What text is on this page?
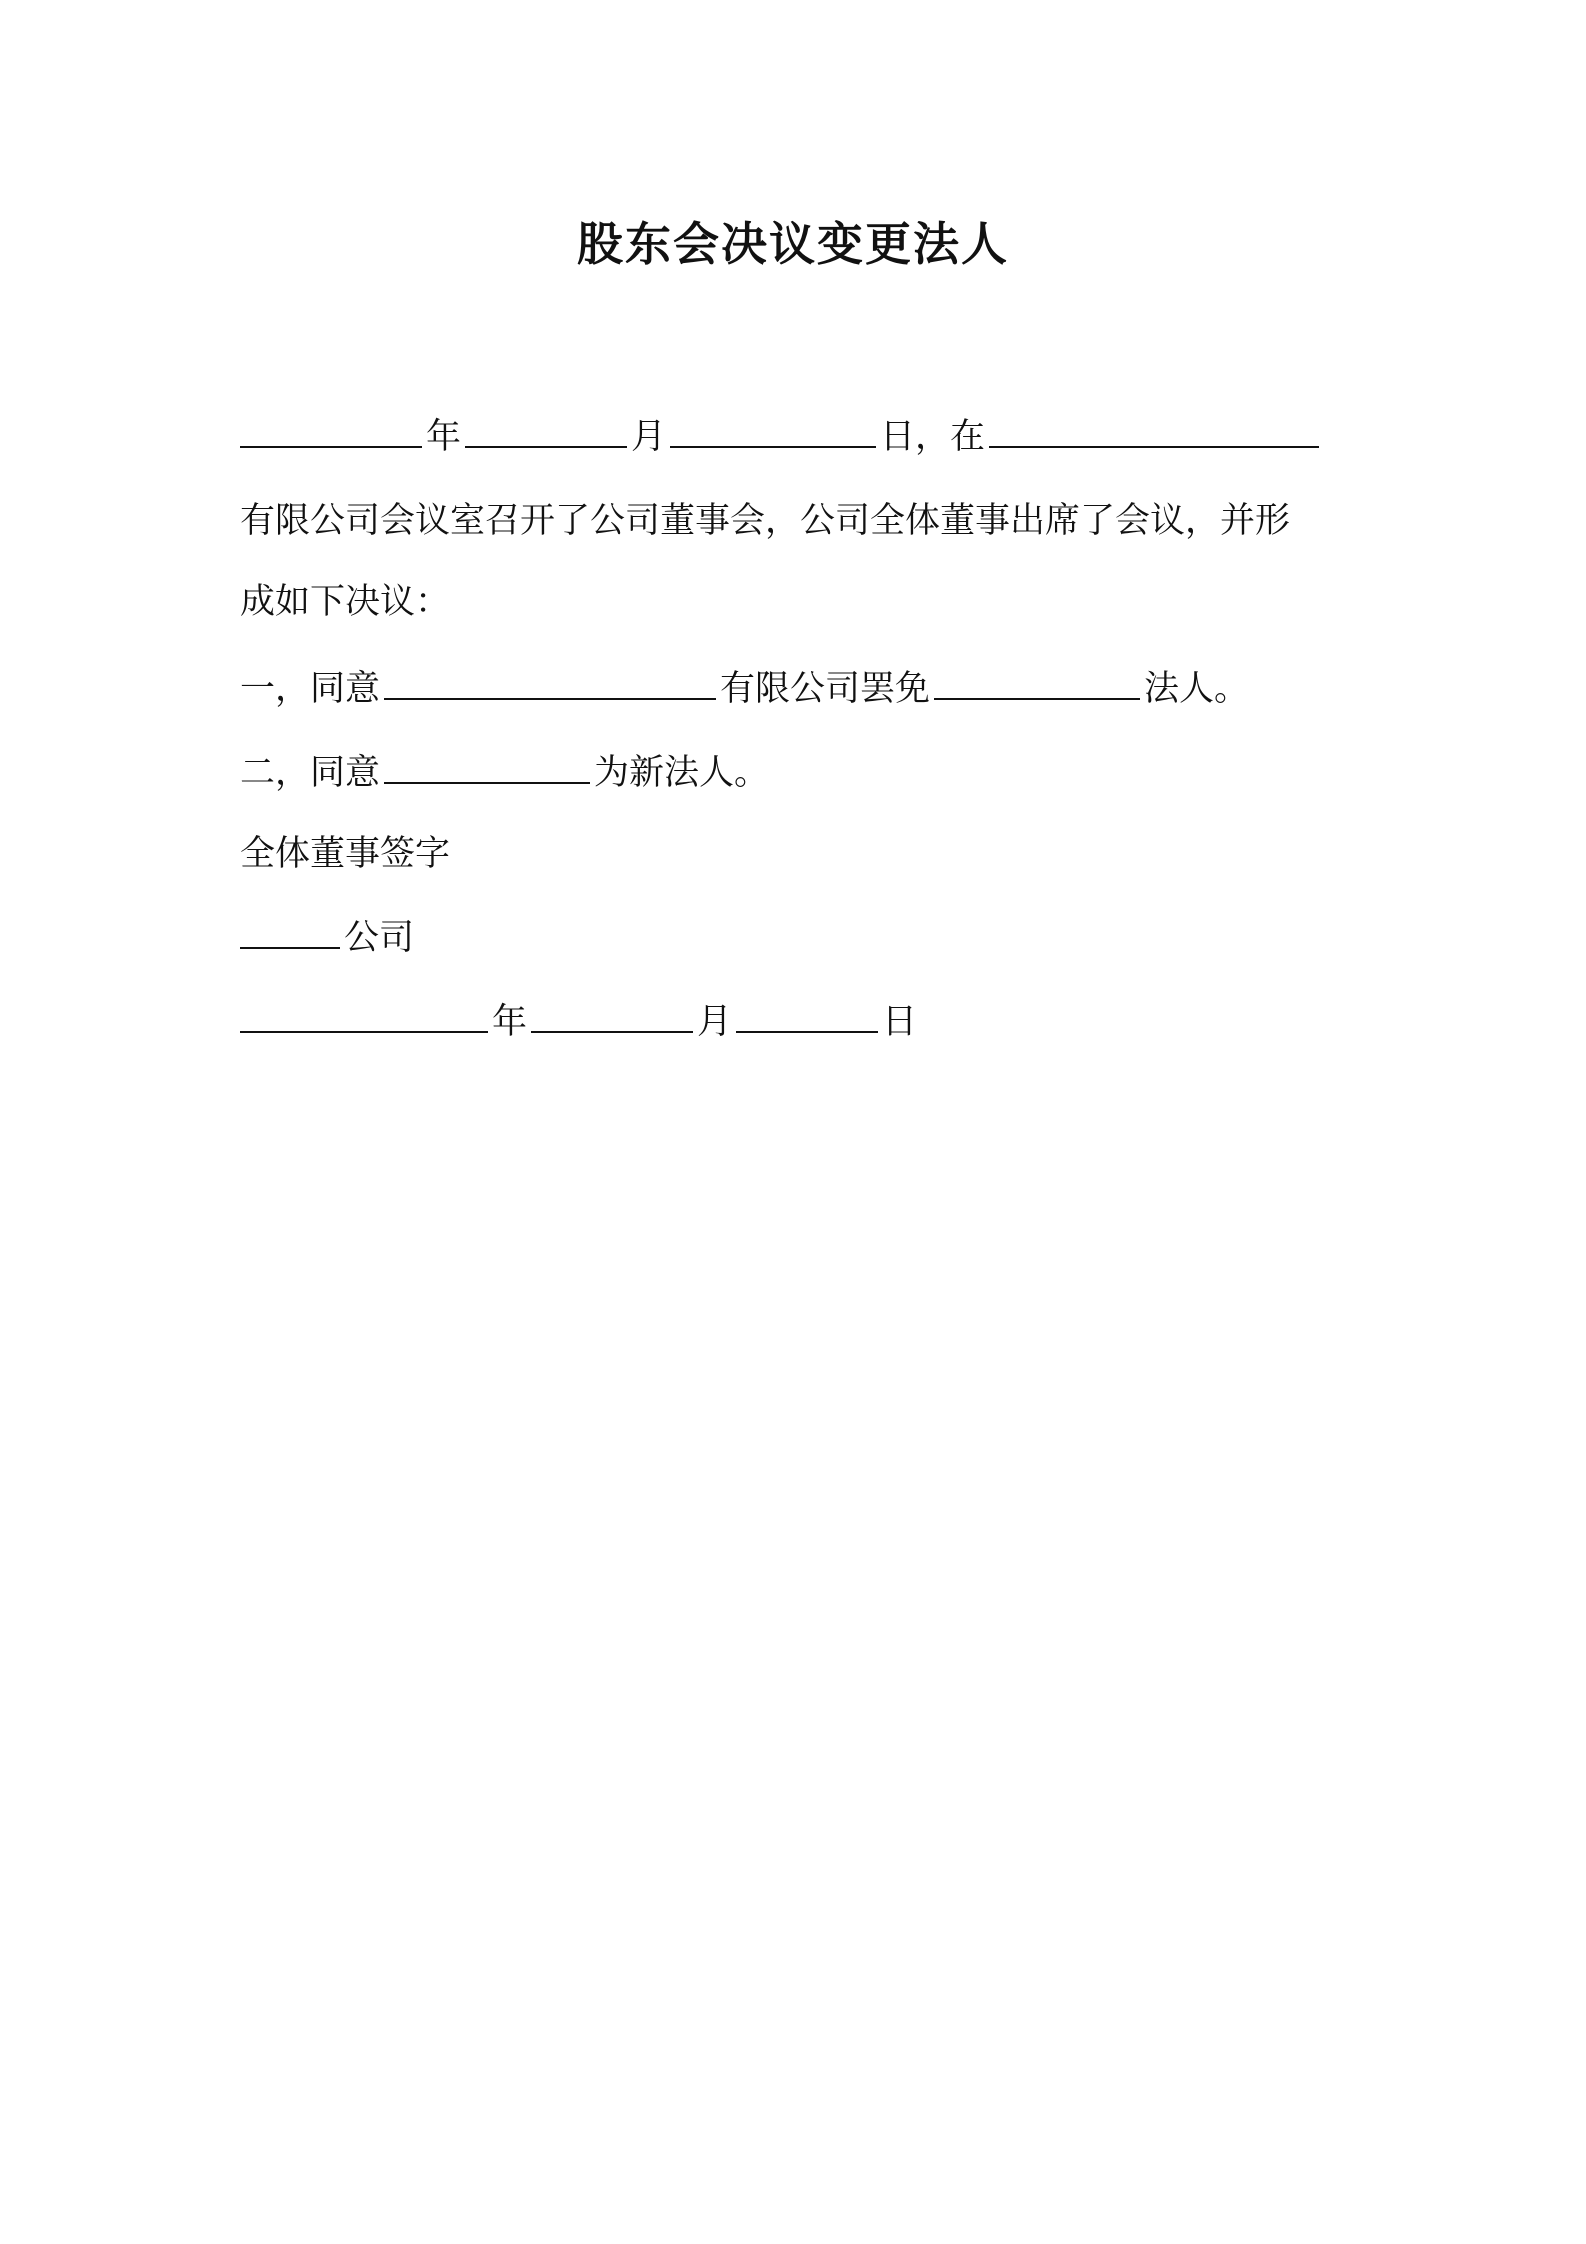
股东会决议变更法人
年	月	日，在
有限公司会议室召开了公司董事会，公司全体董事出席了会议，并形
成如下决议：
一，同意	有限公司罢免	法人。
二，同意	为新法人。
全体董事签字
公司
年	月	日
